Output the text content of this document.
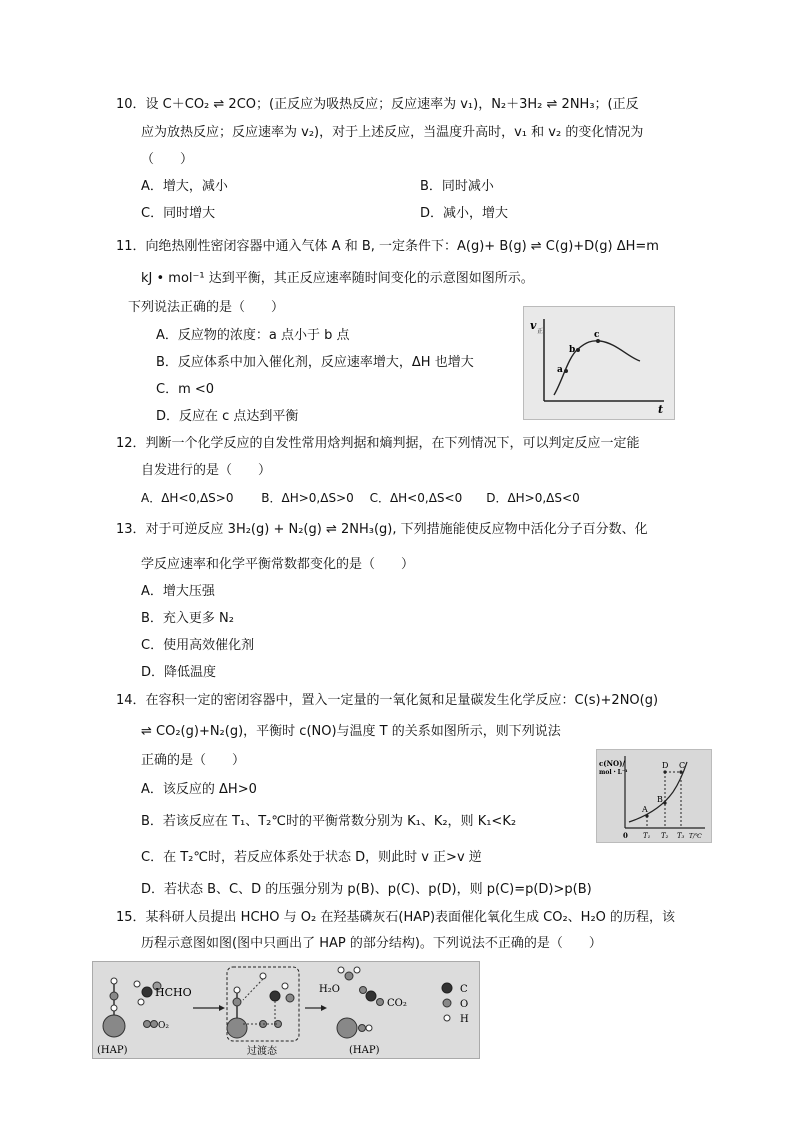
10．设 C＋CO₂ ⇌ 2CO；(正反应为吸热反应；反应速率为 v₁)，N₂＋3H₂ ⇌ 2NH₃；(正反
应为放热反应；反应速率为 v₂)，对于上述反应，当温度升高时，v₁ 和 v₂ 的变化情况为
（　　）
A．增大，减小	B．同时减小
C．同时增大	D．减小，增大
11．向绝热刚性密闭容器中通入气体 A 和 B, 一定条件下：A(g)+ B(g) ⇌ C(g)+D(g) ΔH=m
kJ • mol⁻¹ 达到平衡，其正反应速率随时间变化的示意图如图所示。
下列说法正确的是（　　）
A．反应物的浓度：a 点小于 b 点
B．反应体系中加入催化剂，反应速率增大，ΔH 也增大
C．m <0
D．反应在 c 点达到平衡
v 正
t
a
b
c
12．判断一个化学反应的自发性常用焓判据和熵判据，在下列情况下，可以判定反应一定能
自发进行的是（　　）
A．ΔH<0,ΔS>0　　 B．ΔH>0,ΔS>0　 C．ΔH<0,ΔS<0　　D．ΔH>0,ΔS<0
13．对于可逆反应 3H₂(g) + N₂(g) ⇌ 2NH₃(g), 下列措施能使反应物中活化分子百分数、化
学反应速率和化学平衡常数都变化的是（　　）
A．增大压强
B．充入更多 N₂
C．使用高效催化剂
D．降低温度
14．在容积一定的密闭容器中，置入一定量的一氧化氮和足量碳发生化学反应：C(s)+2NO(g)
⇌ CO₂(g)+N₂(g)，平衡时 c(NO)与温度 T 的关系如图所示，则下列说法
正确的是（　　）
A．该反应的 ΔH>0
B．若该反应在 T₁、T₂℃时的平衡常数分别为 K₁、K₂，则 K₁<K₂
C．在 T₂℃时，若反应体系处于状态 D，则此时 v 正>v 逆
D．若状态 B、C、D 的压强分别为 p(B)、p(C)、p(D)，则 p(C)=p(D)>p(B)
c(NO)/
mol・L⁻¹
0 T₁ T₂ T₃ T/℃
A
B
D C
15．某科研人员提出 HCHO 与 O₂ 在羟基磷灰石(HAP)表面催化氧化生成 CO₂、H₂O 的历程，该
历程示意图如图(图中只画出了 HAP 的部分结构)。下列说法不正确的是（　　）
(HAP)
HCHO
O₂
过渡态
H₂O
CO₂
(HAP)
C
O
H
